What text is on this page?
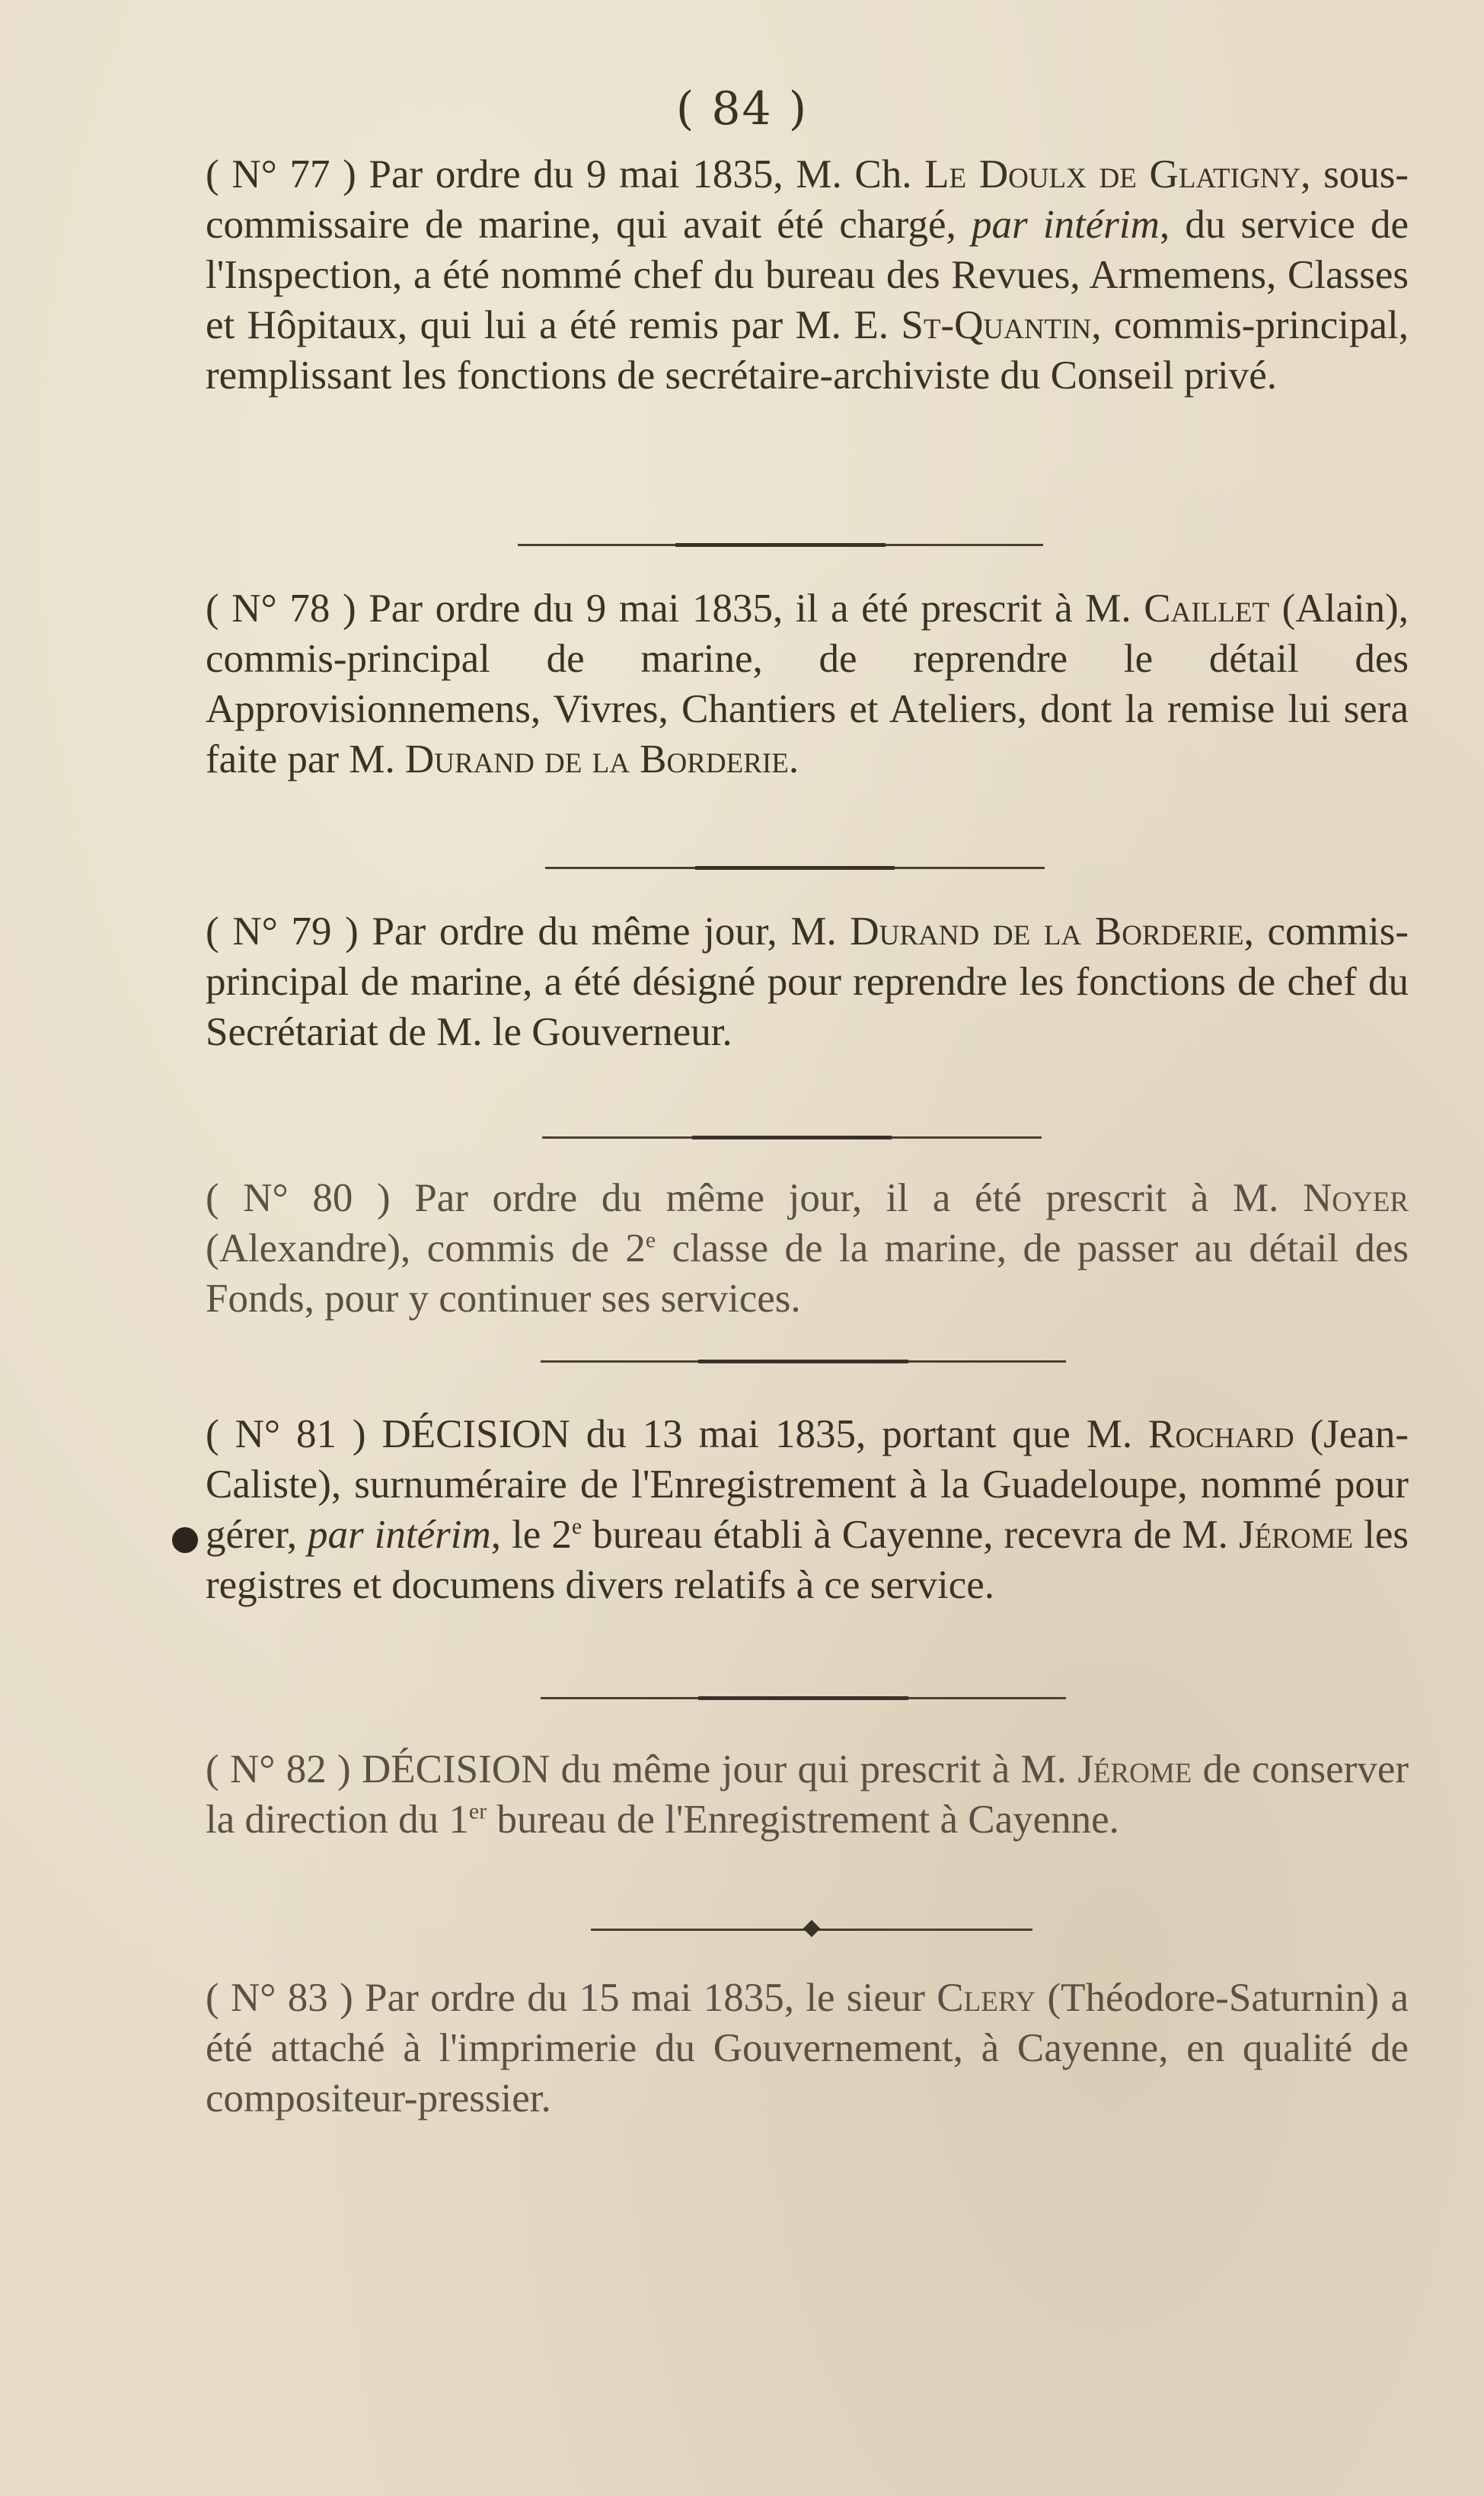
( 84 )

( N° 77 ) Par ordre du 9 mai 1835, M. Ch. Le Doulx de Glatigny, sous-commissaire de marine, qui avait été chargé, par intérim, du service de l'Inspection, a été nommé chef du bureau des Revues, Armemens, Classes et Hôpitaux, qui lui a été remis par M. E. St-Quantin, commis-principal, remplissant les fonctions de secrétaire-archiviste du Conseil privé.

( N° 78 ) Par ordre du 9 mai 1835, il a été prescrit à M. Caillet (Alain), commis-principal de marine, de reprendre le détail des Approvisionnemens, Vivres, Chantiers et Ateliers, dont la remise lui sera faite par M. Durand de la Borderie.

( N° 79 ) Par ordre du même jour, M. Durand de la Borderie, commis-principal de marine, a été désigné pour reprendre les fonctions de chef du Secrétariat de M. le Gouverneur.

( N° 80 ) Par ordre du même jour, il a été prescrit à M. Noyer (Alexandre), commis de 2e classe de la marine, de passer au détail des Fonds, pour y continuer ses services.

( N° 81 ) DÉCISION du 13 mai 1835, portant que M. Rochard (Jean-Caliste), surnuméraire de l'Enregistrement à la Guadeloupe, nommé pour gérer, par intérim, le 2e bureau établi à Cayenne, recevra de M. Jérome les registres et documens divers relatifs à ce service.

( N° 82 ) DÉCISION du même jour qui prescrit à M. Jérome de conserver la direction du 1er bureau de l'Enregistrement à Cayenne.

( N° 83 ) Par ordre du 15 mai 1835, le sieur Clery (Théodore-Saturnin) a été attaché à l'imprimerie du Gouvernement, à Cayenne, en qualité de compositeur-pressier.
